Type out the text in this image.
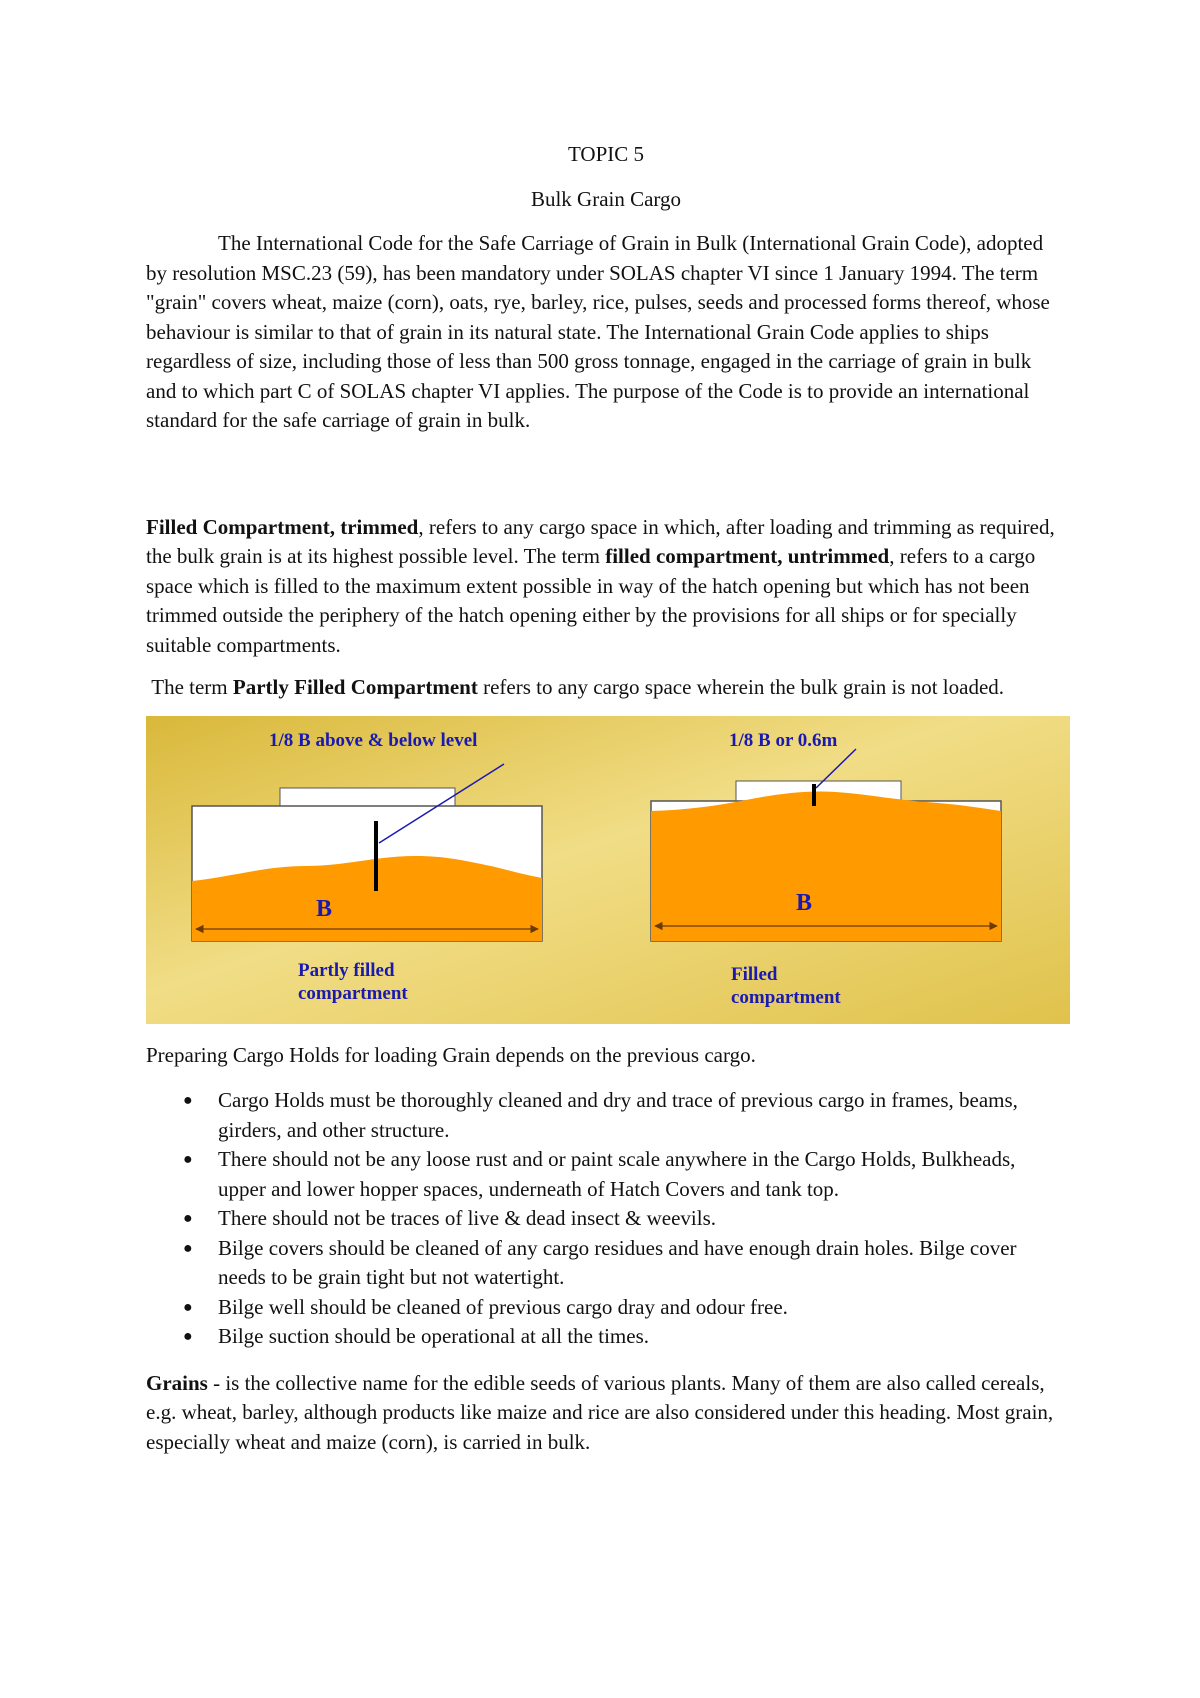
TOPIC 5

Bulk Grain Cargo

The International Code for the Safe Carriage of Grain in Bulk (International Grain Code), adopted by resolution MSC.23 (59), has been mandatory under SOLAS chapter VI since 1 January 1994. The term "grain" covers wheat, maize (corn), oats, rye, barley, rice, pulses, seeds and processed forms thereof, whose behaviour is similar to that of grain in its natural state. The International Grain Code applies to ships regardless of size, including those of less than 500 gross tonnage, engaged in the carriage of grain in bulk and to which part C of SOLAS chapter VI applies. The purpose of the Code is to provide an international standard for the safe carriage of grain in bulk.

Filled Compartment, trimmed, refers to any cargo space in which, after loading and trimming as required, the bulk grain is at its highest possible level. The term filled compartment, untrimmed, refers to a cargo space which is filled to the maximum extent possible in way of the hatch opening but which has not been trimmed outside the periphery of the hatch opening either by the provisions for all ships or for specially suitable compartments.

The term Partly Filled Compartment refers to any cargo space wherein the bulk grain is not loaded.

1/8 B above & below level
B
Partly filled
compartment
1/8 B or 0.6m
B
Filled
compartment

Preparing Cargo Holds for loading Grain depends on the previous cargo.

● Cargo Holds must be thoroughly cleaned and dry and trace of previous cargo in frames, beams, girders, and other structure.
● There should not be any loose rust and or paint scale anywhere in the Cargo Holds, Bulkheads, upper and lower hopper spaces, underneath of Hatch Covers and tank top.
● There should not be traces of live & dead insect & weevils.
● Bilge covers should be cleaned of any cargo residues and have enough drain holes. Bilge cover needs to be grain tight but not watertight.
● Bilge well should be cleaned of previous cargo dray and odour free.
● Bilge suction should be operational at all the times.

Grains - is the collective name for the edible seeds of various plants. Many of them are also called cereals, e.g. wheat, barley, although products like maize and rice are also considered under this heading. Most grain, especially wheat and maize (corn), is carried in bulk.
